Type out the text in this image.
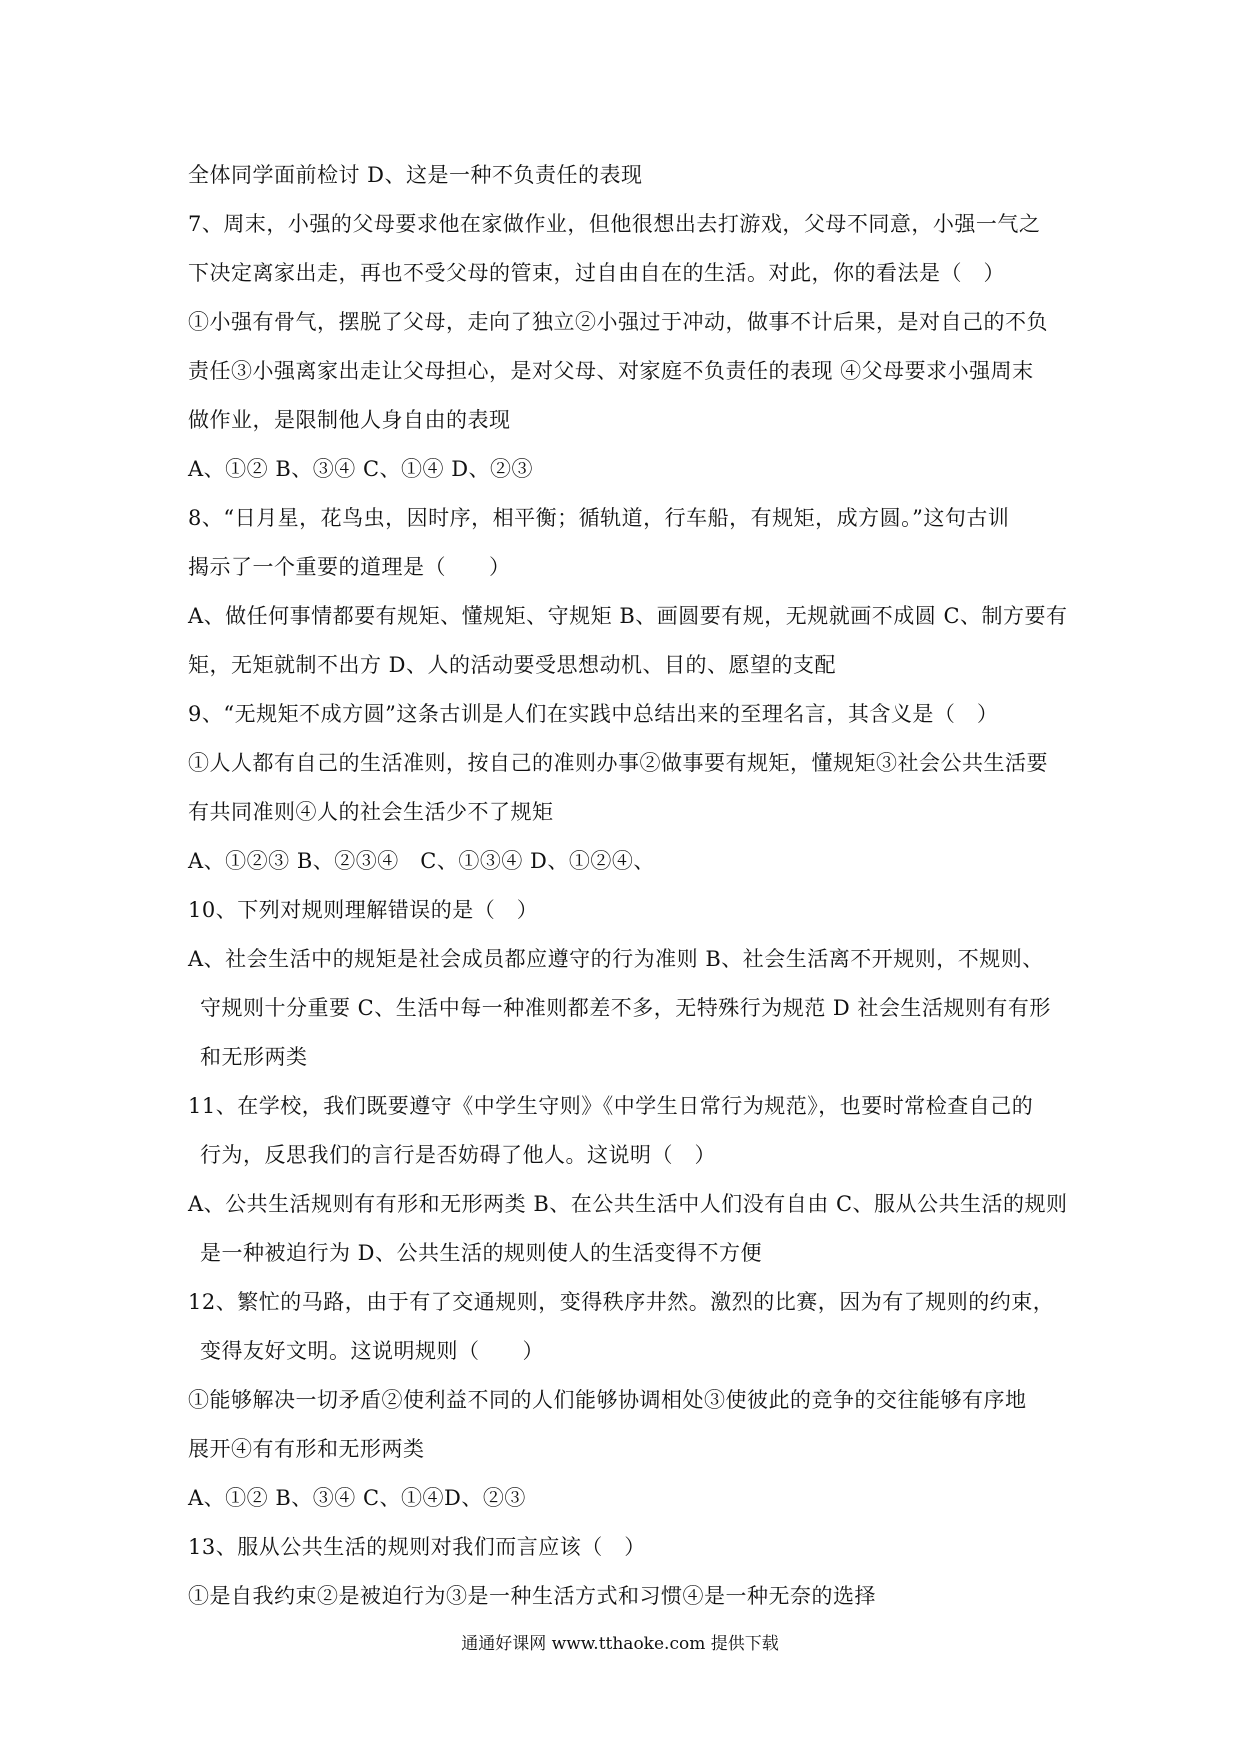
全体同学面前检讨 D、这是一种不负责任的表现
7、周末，小强的父母要求他在家做作业，但他很想出去打游戏，父母不同意，小强一气之
下决定离家出走，再也不受父母的管束，过自由自在的生活。对此，你的看法是（　）
①小强有骨气，摆脱了父母，走向了独立②小强过于冲动，做事不计后果，是对自己的不负
责任③小强离家出走让父母担心，是对父母、对家庭不负责任的表现 ④父母要求小强周末
做作业，是限制他人身自由的表现
A、①② B、③④ C、①④ D、②③
8、“日月星，花鸟虫，因时序，相平衡；循轨道，行车船，有规矩，成方圆。”这句古训
揭示了一个重要的道理是（　　）
A、做任何事情都要有规矩、懂规矩、守规矩 B、画圆要有规，无规就画不成圆 C、制方要有
矩，无矩就制不出方 D、人的活动要受思想动机、目的、愿望的支配
9、“无规矩不成方圆”这条古训是人们在实践中总结出来的至理名言，其含义是（　）
①人人都有自己的生活准则，按自己的准则办事②做事要有规矩，懂规矩③社会公共生活要
有共同准则④人的社会生活少不了规矩
A、①②③ B、②③④　C、①③④ D、①②④、
10、下列对规则理解错误的是（　）
A、社会生活中的规矩是社会成员都应遵守的行为准则 B、社会生活离不开规则，不规则、
守规则十分重要 C、生活中每一种准则都差不多，无特殊行为规范 D 社会生活规则有有形
和无形两类
11、在学校，我们既要遵守《中学生守则》《中学生日常行为规范》，也要时常检查自己的
行为，反思我们的言行是否妨碍了他人。这说明（　）
A、公共生活规则有有形和无形两类 B、在公共生活中人们没有自由 C、服从公共生活的规则
是一种被迫行为 D、公共生活的规则使人的生活变得不方便
12、繁忙的马路，由于有了交通规则，变得秩序井然。激烈的比赛，因为有了规则的约束，
变得友好文明。这说明规则（　　）
①能够解决一切矛盾②使利益不同的人们能够协调相处③使彼此的竞争的交往能够有序地
展开④有有形和无形两类
A、①② B、③④ C、①④D、②③
13、服从公共生活的规则对我们而言应该（　）
①是自我约束②是被迫行为③是一种生活方式和习惯④是一种无奈的选择
通通好课网 www.tthaoke.com 提供下载
